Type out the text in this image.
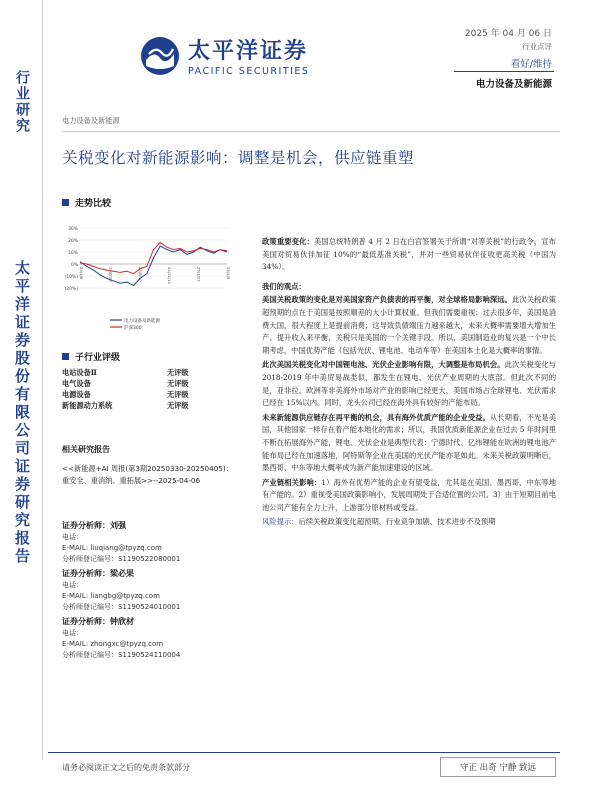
行业研究
太平洋证券股份有限公司证券研究报告
太平洋证券
PACIFIC SECURITIES
2025 年 04 月 06 日
行业点评
看好/维持
电力设备及新能源
电力设备及新能源
关税变化对新能源影响：调整是机会，供应链重塑
走势比较
30%
20%
10%
0%
(10%)
(20%)
24/4/8	24/6/19	24/8/30	24/11/11	25/1/22	25/4/5
电力设备及新能源
沪深300
子行业评级
电站设备Ⅱ	无评级
电气设备	无评级
电源设备	无评级
新能源动力系统	无评级
相关研究报告
<<新能源+AI 周报(第3期20250330-20250405)：重安全、重消纳、重拓展>>--2025-04-06
证券分析师：刘强
电话：
E-MAIL: liuqiang@tpyzq.com
分析师登记编号：S1190522080001
证券分析师：梁必果
电话：
E-MAIL: liangbg@tpyzq.com
分析师登记编号：S1190524010001
证券分析师：钟欣材
电话：
E-MAIL: zhongxc@tpyzq.com
分析师登记编号：S1190524110004
政策重要变化：美国总统特朗普 4 月 2 日在白宫签署关于所谓“对等关税”的行政令，宣布美国对贸易伙伴加征 10%的“最低基准关税”，并对一些贸易伙伴征收更高关税（中国为 34%）。
我们的观点：
美国关税政策的变化是对美国家资产负债表的再平衡，对全球格局影响深远。此次关税政策超预期的点在于美国是按照顺差的大小计算权重。但我们需要重视：过去很多年，美国是消费大国，很大程度上是提前消费；这导致负债端压力越来越大，未来大概率需要增大增加生产、提升收入来平衡，关税只是美国的一个关键手段。所以，美国制造业的复兴是一个中长期考虑，中国优势产能（包括光伏、锂电池、电动车等）在美国本土化是大概率的事情。
此次美国关税变化对中国锂电池、光伏企业影响有限，大调整是布局机会。此次关税变化与 2018-2019 年中美贸易战类似，都发生在锂电、光伏产业周期的大底部。但此次不同的是，亚非拉、欧洲等非美海外市场对产业的影响已经更大，美国市场占全球锂电、光伏需求已经在 15%以内。同时，龙头公司已经在海外具有较好的产能布局。
未来新能源供应链存在再平衡的机会，具有海外优质产能的企业受益。从长期看，不光是美国，其他国家一样存在着产能本地化的需求；所以，我国优质新能源企业在过去 5 年时间里不断在拓展海外产能，锂电、光伏企业是典型代表：宁德时代、亿纬锂能在欧洲的锂电池产能布局已经在加速落地，阿特斯等企业在美国的光伏产能亦是如此。未来关税政策明晰后，墨西哥、中东等地大概率成为新产能加速建设的区域。
产业链相关影响：1）海外有优势产能的企业有望受益，尤其是在美国、墨西哥、中东等地有产能的。2）重视受美国政策影响小，发展周期处于合适位置的公司。3）由于短期目前电池公司产能有全力上升，上游部分原材料或受益。
风险提示：后续关税政策变化超预期、行业竞争加剧、技术进步不及预期
请务必阅读正文之后的免责条款部分	守正 出奇 宁静 致远
